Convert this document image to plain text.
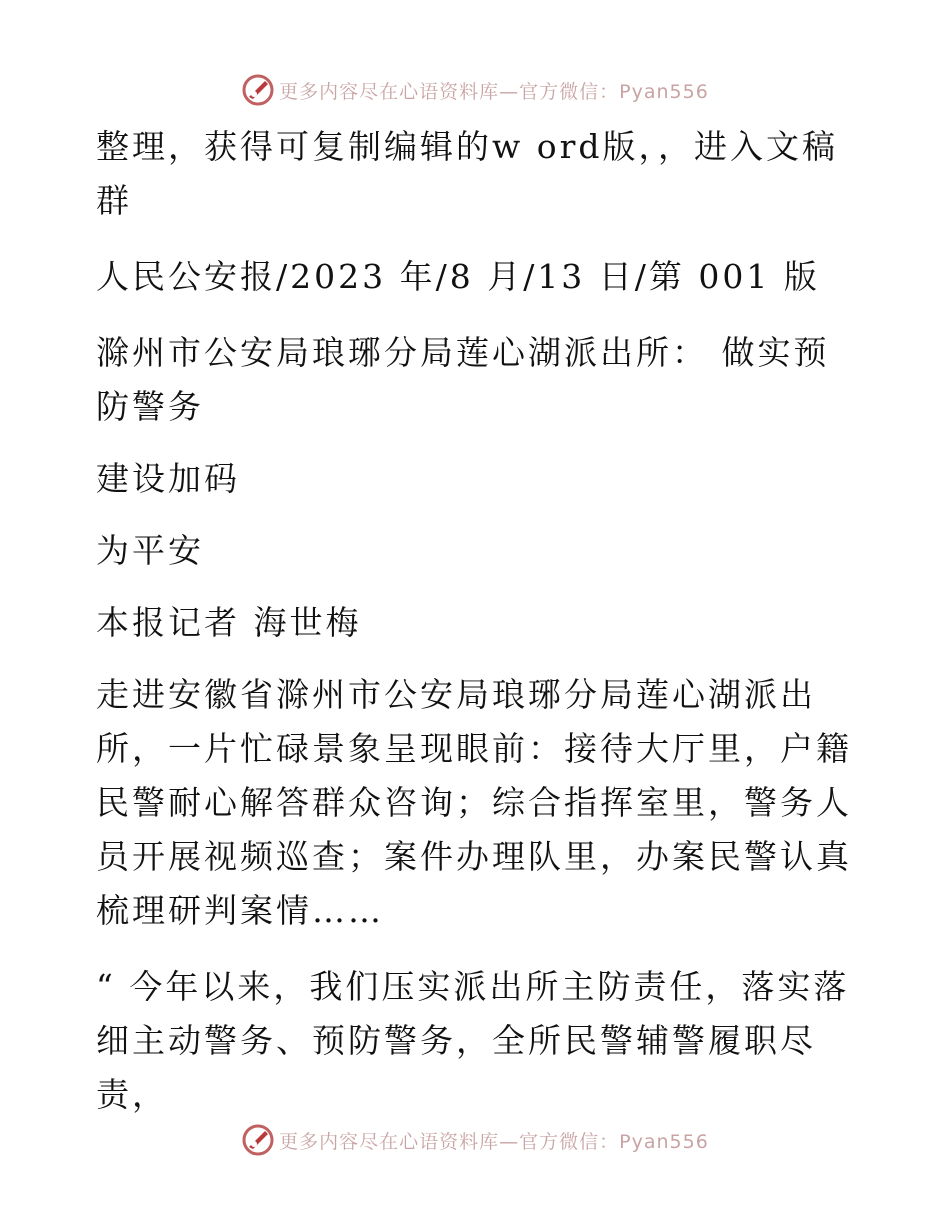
更多内容尽在心语资料库—官方微信：Pyan556

整理，获得可复制编辑的w ord版，，进入文稿群

人民公安报/2023 年/8 月/13 日/第 001 版

滁州市公安局琅琊分局莲心湖派出所： 做实预防警务

建设加码

为平安

本报记者 海世梅

走进安徽省滁州市公安局琅琊分局莲心湖派出所，一片忙碌景象呈现眼前：接待大厅里，户籍民警耐心解答群众咨询；综合指挥室里，警务人员开展视频巡查；案件办理队里，办案民警认真梳理研判案情……

“ 今年以来，我们压实派出所主防责任，落实落细主动警务、预防警务，全所民警辅警履职尽责，

更多内容尽在心语资料库—官方微信：Pyan556
